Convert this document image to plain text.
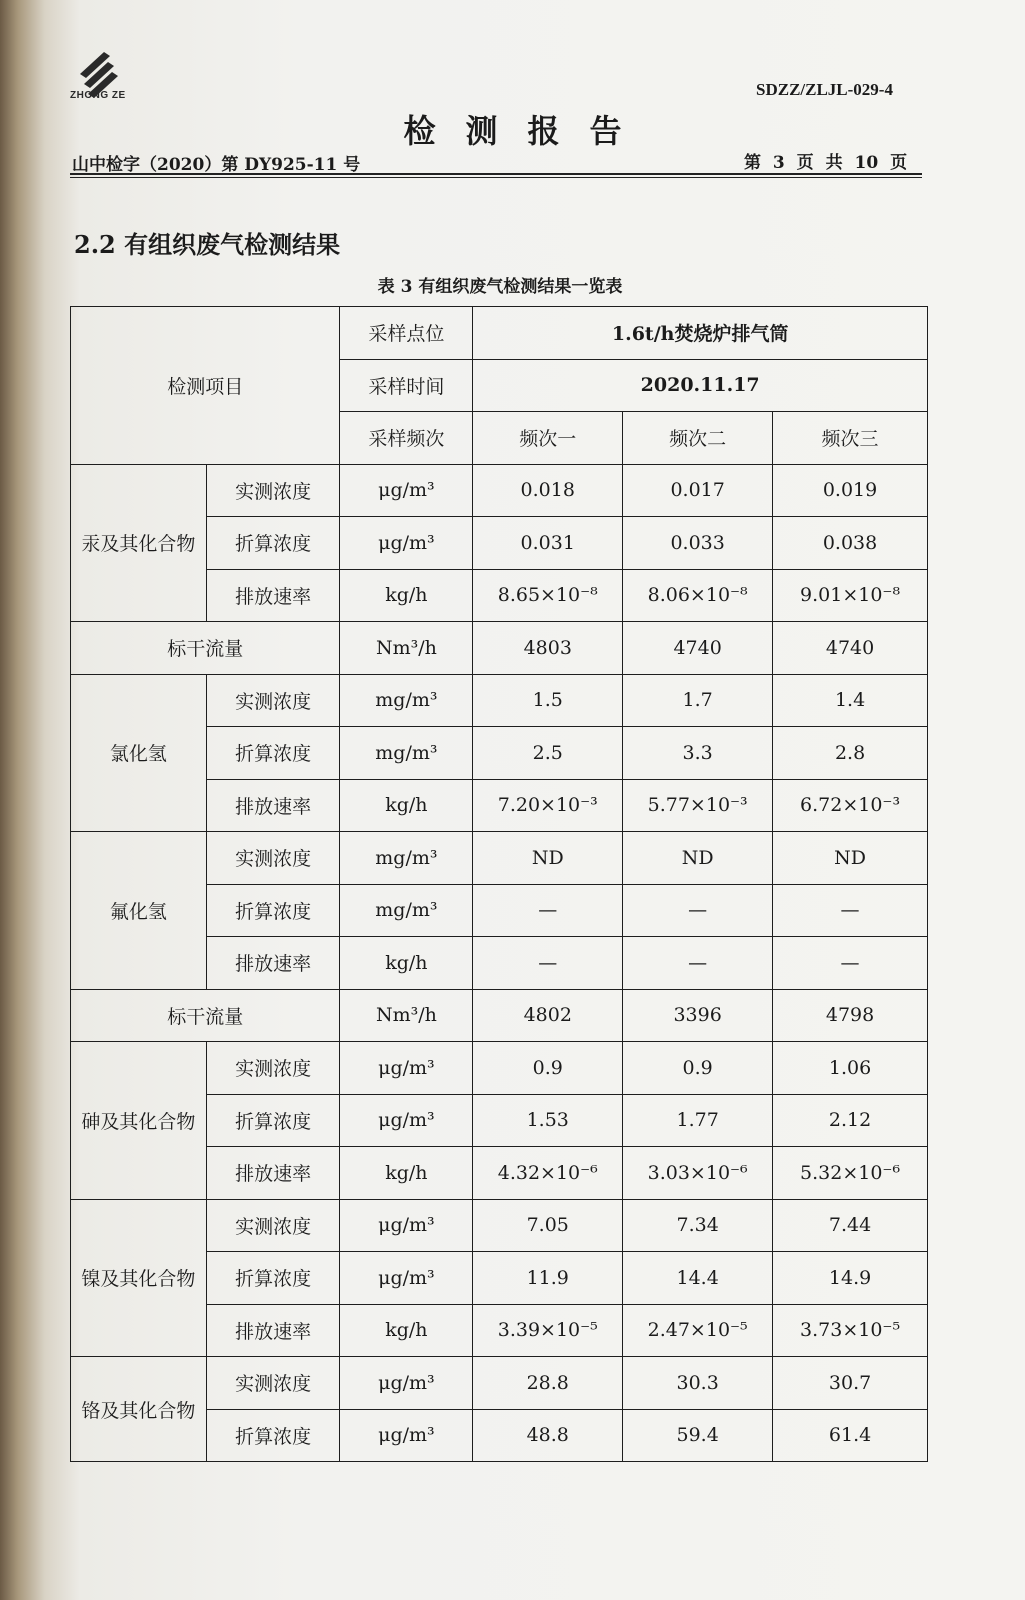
ZHONG ZE	SDZZ/ZLJL-029-4
检测报告
山中检字（2020）第 DY925-11 号	第 3 页 共 10 页
2.2 有组织废气检测结果
表 3 有组织废气检测结果一览表
检测项目		采样点位	1.6t/h焚烧炉排气筒		
		采样时间	2020.11.17		
		采样频次	频次一	频次二	频次三
汞及其化合物	实测浓度	μg/m³	0.018	0.017	0.019
	折算浓度	μg/m³	0.031	0.033	0.038
	排放速率	kg/h	8.65×10⁻⁸	8.06×10⁻⁸	9.01×10⁻⁸
标干流量		Nm³/h	4803	4740	4740
氯化氢	实测浓度	mg/m³	1.5	1.7	1.4
	折算浓度	mg/m³	2.5	3.3	2.8
	排放速率	kg/h	7.20×10⁻³	5.77×10⁻³	6.72×10⁻³
氟化氢	实测浓度	mg/m³	ND	ND	ND
	折算浓度	mg/m³	—	—	—
	排放速率	kg/h	—	—	—
标干流量		Nm³/h	4802	3396	4798
砷及其化合物	实测浓度	μg/m³	0.9	0.9	1.06
	折算浓度	μg/m³	1.53	1.77	2.12
	排放速率	kg/h	4.32×10⁻⁶	3.03×10⁻⁶	5.32×10⁻⁶
镍及其化合物	实测浓度	μg/m³	7.05	7.34	7.44
	折算浓度	μg/m³	11.9	14.4	14.9
	排放速率	kg/h	3.39×10⁻⁵	2.47×10⁻⁵	3.73×10⁻⁵
铬及其化合物	实测浓度	μg/m³	28.8	30.3	30.7
	折算浓度	μg/m³	48.8	59.4	61.4
